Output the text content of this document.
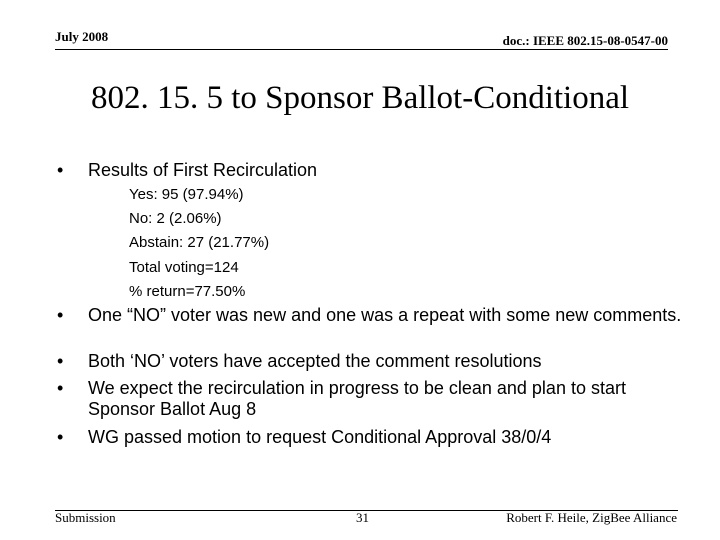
July 2008	doc.: IEEE 802.15-08-0547-00
802. 15. 5 to Sponsor Ballot-Conditional
• Results of First Recirculation
Yes: 95 (97.94%)
No: 2 (2.06%)
Abstain: 27 (21.77%)
Total voting=124
% return=77.50%
• One “NO” voter was new and one was a repeat with some new comments.
• Both ‘NO’ voters have accepted the comment resolutions
• We expect the recirculation in progress to be clean and plan to start Sponsor Ballot Aug 8
• WG passed motion to request Conditional Approval 38/0/4
Submission	31	Robert F. Heile, ZigBee Alliance
